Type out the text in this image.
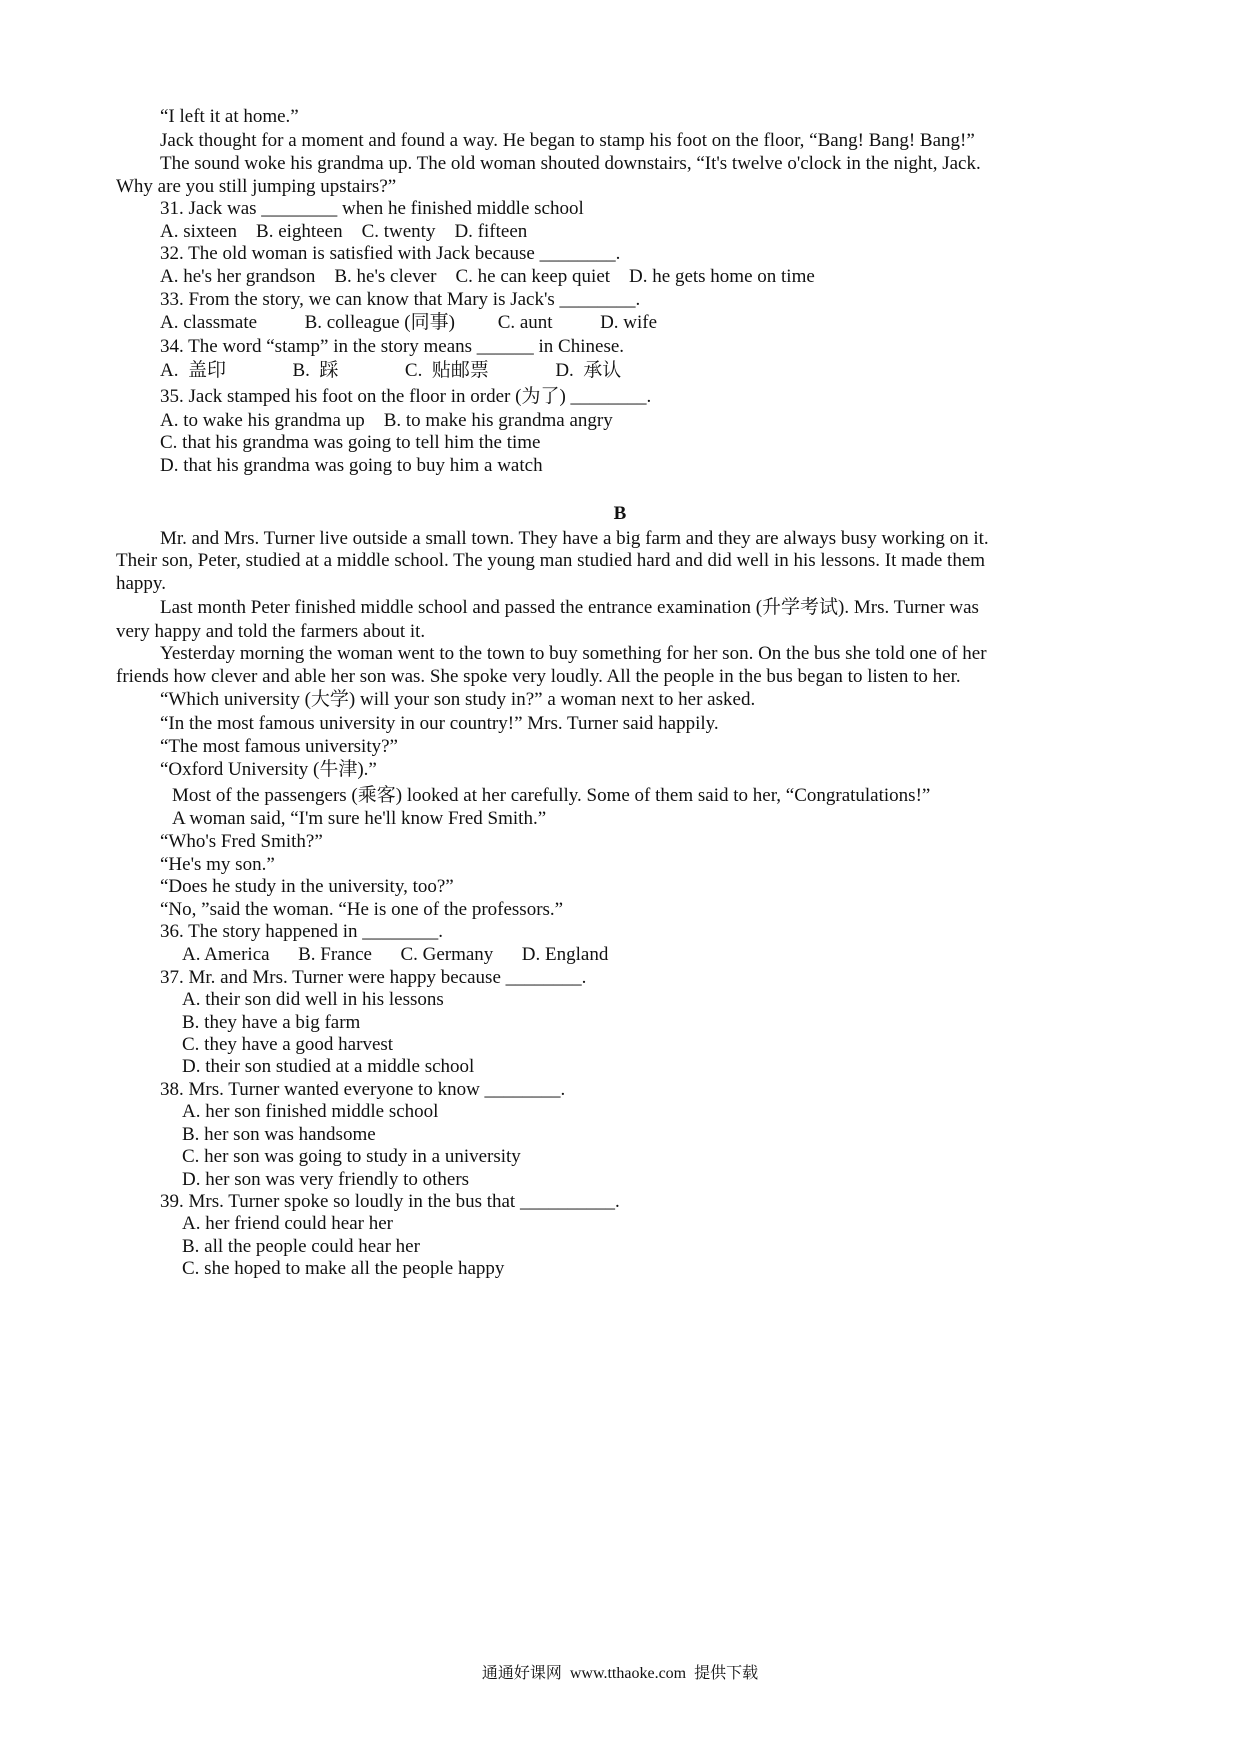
“I left it at home.”
Jack thought for a moment and found a way. He began to stamp his foot on the floor, “Bang! Bang! Bang!”
The sound woke his grandma up. The old woman shouted downstairs, “It's twelve o'clock in the night, Jack.
Why are you still jumping upstairs?”
31. Jack was ________ when he finished middle school
A. sixteen    B. eighteen    C. twenty    D. fifteen
32. The old woman is satisfied with Jack because ________.
A. he's her grandson    B. he's clever    C. he can keep quiet    D. he gets home on time
33. From the story, we can know that Mary is Jack's ________.
A. classmate          B. colleague (同事)         C. aunt          D. wife
34. The word “stamp” in the story means ______ in Chinese.
A.  盖印              B.  踩              C.  贴邮票              D.  承认
35. Jack stamped his foot on the floor in order (为了) ________.
A. to wake his grandma up    B. to make his grandma angry
C. that his grandma was going to tell him the time
D. that his grandma was going to buy him a watch
B
Mr. and Mrs. Turner live outside a small town. They have a big farm and they are always busy working on it.
Their son, Peter, studied at a middle school. The young man studied hard and did well in his lessons. It made them
happy.
Last month Peter finished middle school and passed the entrance examination (升学考试). Mrs. Turner was
very happy and told the farmers about it.
Yesterday morning the woman went to the town to buy something for her son. On the bus she told one of her
friends how clever and able her son was. She spoke very loudly. All the people in the bus began to listen to her.
“Which university (大学) will your son study in?” a woman next to her asked.
“In the most famous university in our country!” Mrs. Turner said happily.
“The most famous university?”
“Oxford University (牛津).”
Most of the passengers (乘客) looked at her carefully. Some of them said to her, “Congratulations!”
A woman said, “I'm sure he'll know Fred Smith.”
“Who's Fred Smith?”
“He's my son.”
“Does he study in the university, too?”
“No, ”said the woman. “He is one of the professors.”
36. The story happened in ________.
A. America      B. France      C. Germany      D. England
37. Mr. and Mrs. Turner were happy because ________.
A. their son did well in his lessons
B. they have a big farm
C. they have a good harvest
D. their son studied at a middle school
38. Mrs. Turner wanted everyone to know ________.
A. her son finished middle school
B. her son was handsome
C. her son was going to study in a university
D. her son was very friendly to others
39. Mrs. Turner spoke so loudly in the bus that __________.
A. her friend could hear her
B. all the people could hear her
C. she hoped to make all the people happy
通通好课网  www.tthaoke.com  提供下载
